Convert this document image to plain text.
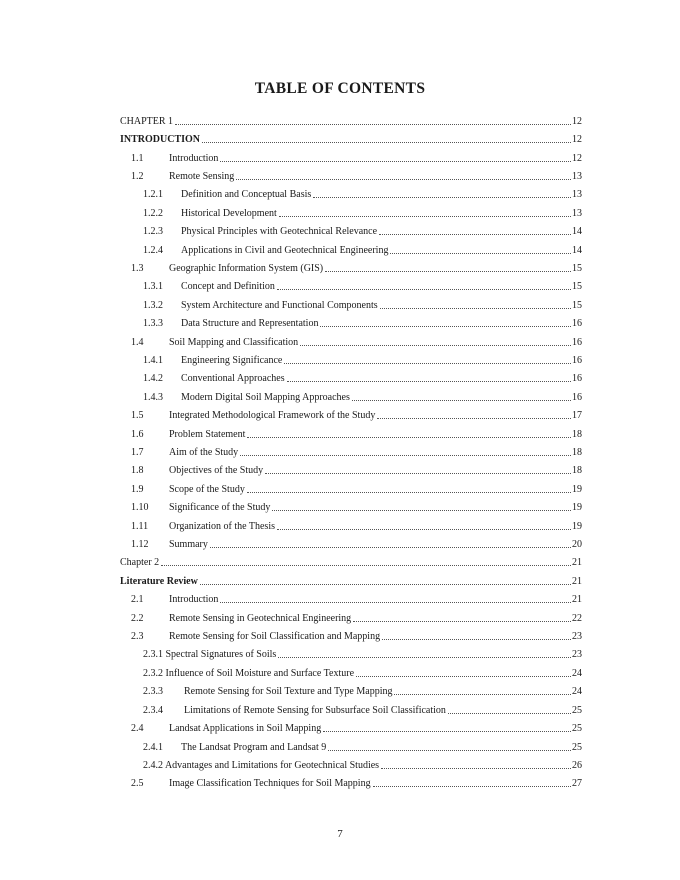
TABLE OF CONTENTS
CHAPTER 1	12
INTRODUCTION	12
1.1	Introduction	12
1.2	Remote Sensing	13
1.2.1 Definition and Conceptual Basis	13
1.2.2 Historical Development	13
1.2.3 Physical Principles with Geotechnical Relevance	14
1.2.4 Applications in Civil and Geotechnical Engineering	14
1.3	Geographic Information System (GIS)	15
1.3.1 Concept and Definition	15
1.3.2 System Architecture and Functional Components	15
1.3.3 Data Structure and Representation	16
1.4	Soil Mapping and Classification	16
1.4.1 Engineering Significance	16
1.4.2 Conventional Approaches	16
1.4.3 Modern Digital Soil Mapping Approaches	16
1.5	Integrated Methodological Framework of the Study	17
1.6	Problem Statement	18
1.7	Aim of the Study	18
1.8	Objectives of the Study	18
1.9	Scope of the Study	19
1.10 Significance of the Study	19
1.11 Organization of the Thesis	19
1.12 Summary	20
Chapter 2	21
Literature Review	21
2.1	Introduction	21
2.2	Remote Sensing in Geotechnical Engineering	22
2.3	Remote Sensing for Soil Classification and Mapping	23
2.3.1 Spectral Signatures of Soils	23
2.3.2 Influence of Soil Moisture and Surface Texture	24
2.3.3 Remote Sensing for Soil Texture and Type Mapping	24
2.3.4 Limitations of Remote Sensing for Subsurface Soil Classification	25
2.4	Landsat Applications in Soil Mapping	25
2.4.1 The Landsat Program and Landsat 9	25
2.4.2 Advantages and Limitations for Geotechnical Studies	26
2.5	Image Classification Techniques for Soil Mapping	27
7
